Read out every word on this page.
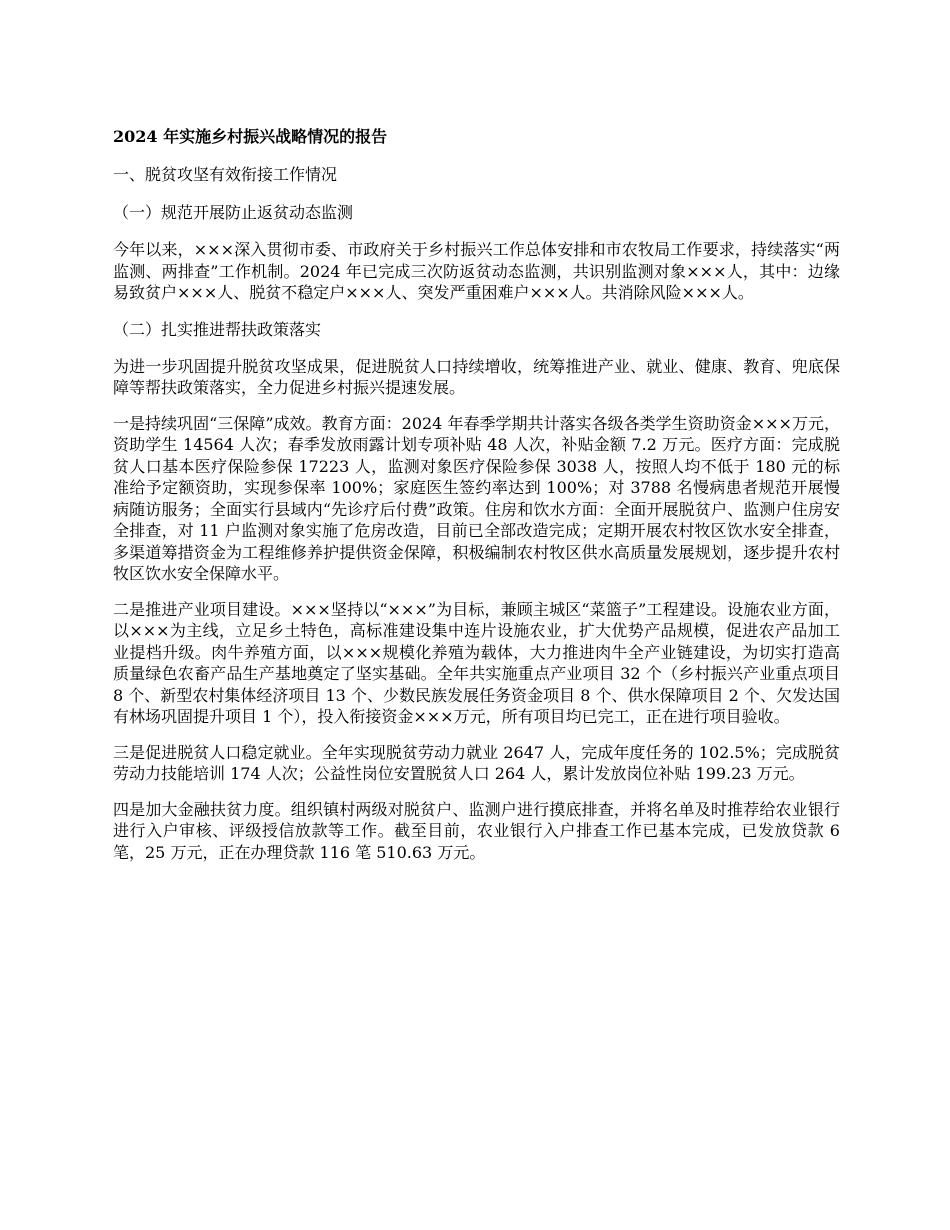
2024 年实施乡村振兴战略情况的报告
一、脱贫攻坚有效衔接工作情况
（一）规范开展防止返贫动态监测

今年以来，×××深入贯彻市委、市政府关于乡村振兴工作总体安排和市农牧局工作要求，持续落实“两监测、两排查”工作机制。2024 年已完成三次防返贫动态监测，共识别监测对象×××人，其中：边缘易致贫户×××人、脱贫不稳定户×××人、突发严重困难户×××人。共消除风险×××人。

（二）扎实推进帮扶政策落实

为进一步巩固提升脱贫攻坚成果，促进脱贫人口持续增收，统筹推进产业、就业、健康、教育、兜底保障等帮扶政策落实，全力促进乡村振兴提速发展。

一是持续巩固“三保障”成效。教育方面：2024 年春季学期共计落实各级各类学生资助资金×××万元，资助学生 14564 人次；春季发放雨露计划专项补贴 48 人次，补贴金额 7.2 万元。医疗方面：完成脱贫人口基本医疗保险参保 17223 人，监测对象医疗保险参保 3038 人，按照人均不低于 180 元的标准给予定额资助，实现参保率 100%；家庭医生签约率达到 100%；对 3788 名慢病患者规范开展慢病随访服务；全面实行县域内“先诊疗后付费”政策。住房和饮水方面：全面开展脱贫户、监测户住房安全排查，对 11 户监测对象实施了危房改造，目前已全部改造完成；定期开展农村牧区饮水安全排查，多渠道筹措资金为工程维修养护提供资金保障，积极编制农村牧区供水高质量发展规划，逐步提升农村牧区饮水安全保障水平。

二是推进产业项目建设。×××坚持以“×××”为目标，兼顾主城区“菜篮子”工程建设。设施农业方面，以×××为主线，立足乡土特色，高标准建设集中连片设施农业，扩大优势产品规模，促进农产品加工业提档升级。肉牛养殖方面，以×××规模化养殖为载体，大力推进肉牛全产业链建设，为切实打造高质量绿色农畜产品生产基地奠定了坚实基础。全年共实施重点产业项目 32 个（乡村振兴产业重点项目 8 个、新型农村集体经济项目 13 个、少数民族发展任务资金项目 8 个、供水保障项目 2 个、欠发达国有林场巩固提升项目 1 个），投入衔接资金×××万元，所有项目均已完工，正在进行项目验收。

三是促进脱贫人口稳定就业。全年实现脱贫劳动力就业 2647 人，完成年度任务的 102.5%；完成脱贫劳动力技能培训 174 人次；公益性岗位安置脱贫人口 264 人，累计发放岗位补贴 199.23 万元。

四是加大金融扶贫力度。组织镇村两级对脱贫户、监测户进行摸底排查，并将名单及时推荐给农业银行进行入户审核、评级授信放款等工作。截至目前，农业银行入户排查工作已基本完成，已发放贷款 6 笔，25 万元，正在办理贷款 116 笔 510.63 万元。
